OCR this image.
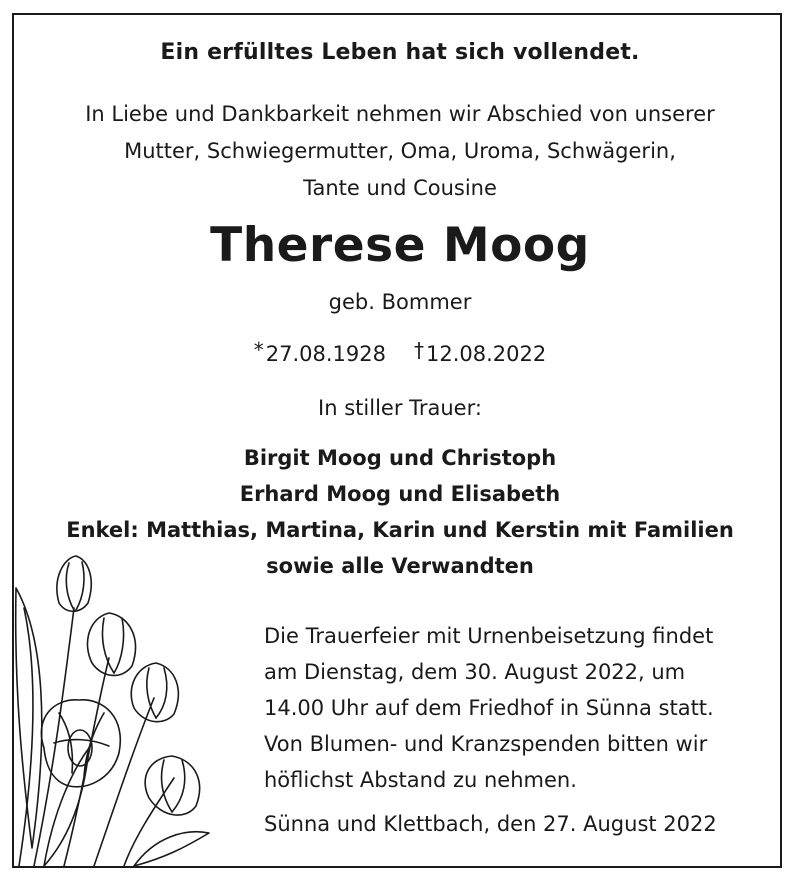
Ein erfülltes Leben hat sich vollendet.
In Liebe und Dankbarkeit nehmen wir Abschied von unserer
Mutter, Schwiegermutter, Oma, Uroma, Schwägerin,
Tante und Cousine
Therese Moog
geb. Bommer
*27.08.1928 †12.08.2022
In stiller Trauer:
Birgit Moog und Christoph
Erhard Moog und Elisabeth
Enkel: Matthias, Martina, Karin und Kerstin mit Familien
sowie alle Verwandten
Die Trauerfeier mit Urnenbeisetzung findet
am Dienstag, dem 30. August 2022, um
14.00 Uhr auf dem Friedhof in Sünna statt.
Von Blumen- und Kranzspenden bitten wir
höflichst Abstand zu nehmen.
Sünna und Klettbach, den 27. August 2022
